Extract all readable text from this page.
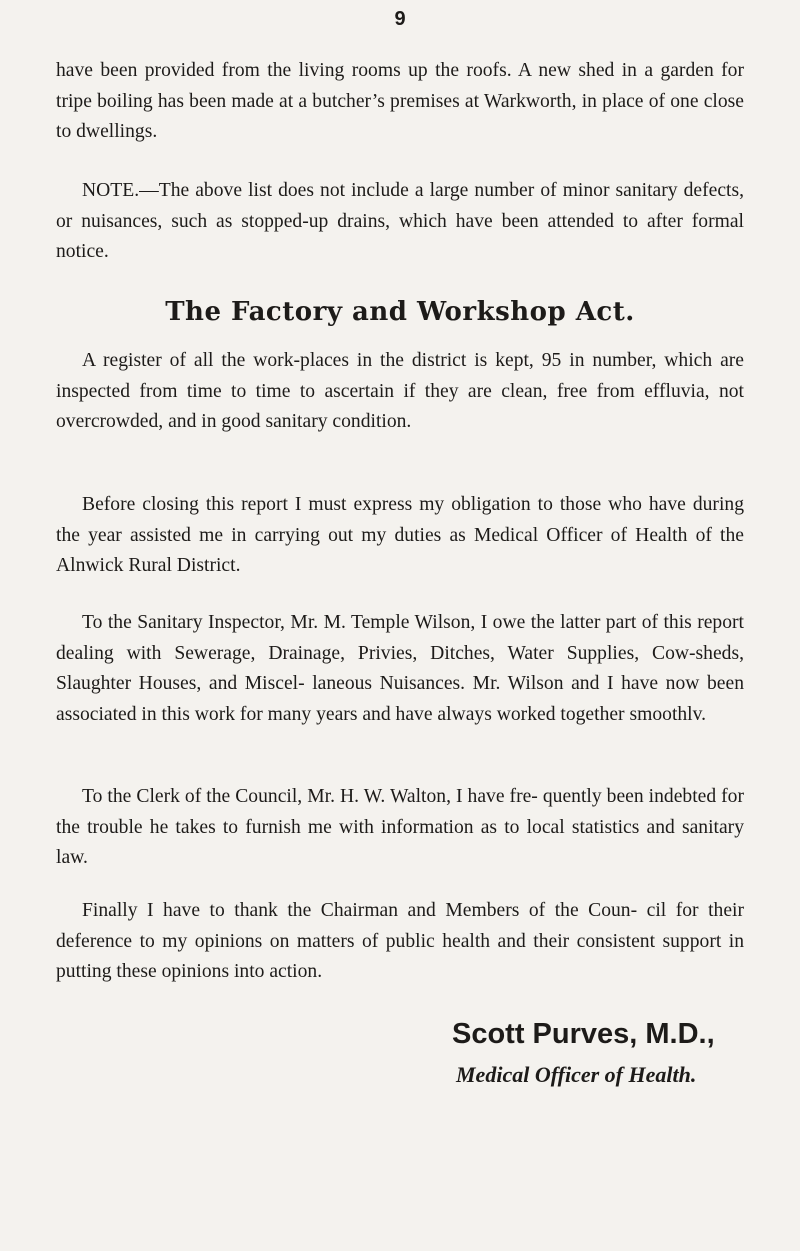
9

have been provided from the living rooms up the roofs. A new shed in a garden for tripe boiling has been made at a butcher’s premises at Warkworth, in place of one close to dwellings.

NOTE.—The above list does not include a large number of minor sanitary defects, or nuisances, such as stopped-up drains, which have been attended to after formal notice.

The Factory and Workshop Act.

A register of all the work-places in the district is kept, 95 in number, which are inspected from time to time to ascertain if they are clean, free from effluvia, not overcrowded, and in good sanitary condition.

Before closing this report I must express my obligation to those who have during the year assisted me in carrying out my duties as Medical Officer of Health of the Alnwick Rural District.

To the Sanitary Inspector, Mr. M. Temple Wilson, I owe the latter part of this report dealing with Sewerage, Drainage, Privies, Ditches, Water Supplies, Cow-sheds, Slaughter Houses, and Miscel- laneous Nuisances. Mr. Wilson and I have now been associated in this work for many years and have always worked together smoothlv.

To the Clerk of the Council, Mr. H. W. Walton, I have fre- quently been indebted for the trouble he takes to furnish me with information as to local statistics and sanitary law.

Finally I have to thank the Chairman and Members of the Coun- cil for their deference to my opinions on matters of public health and their consistent support in putting these opinions into action.

Scott Purves, M.D.,

Medical Officer of Health.
